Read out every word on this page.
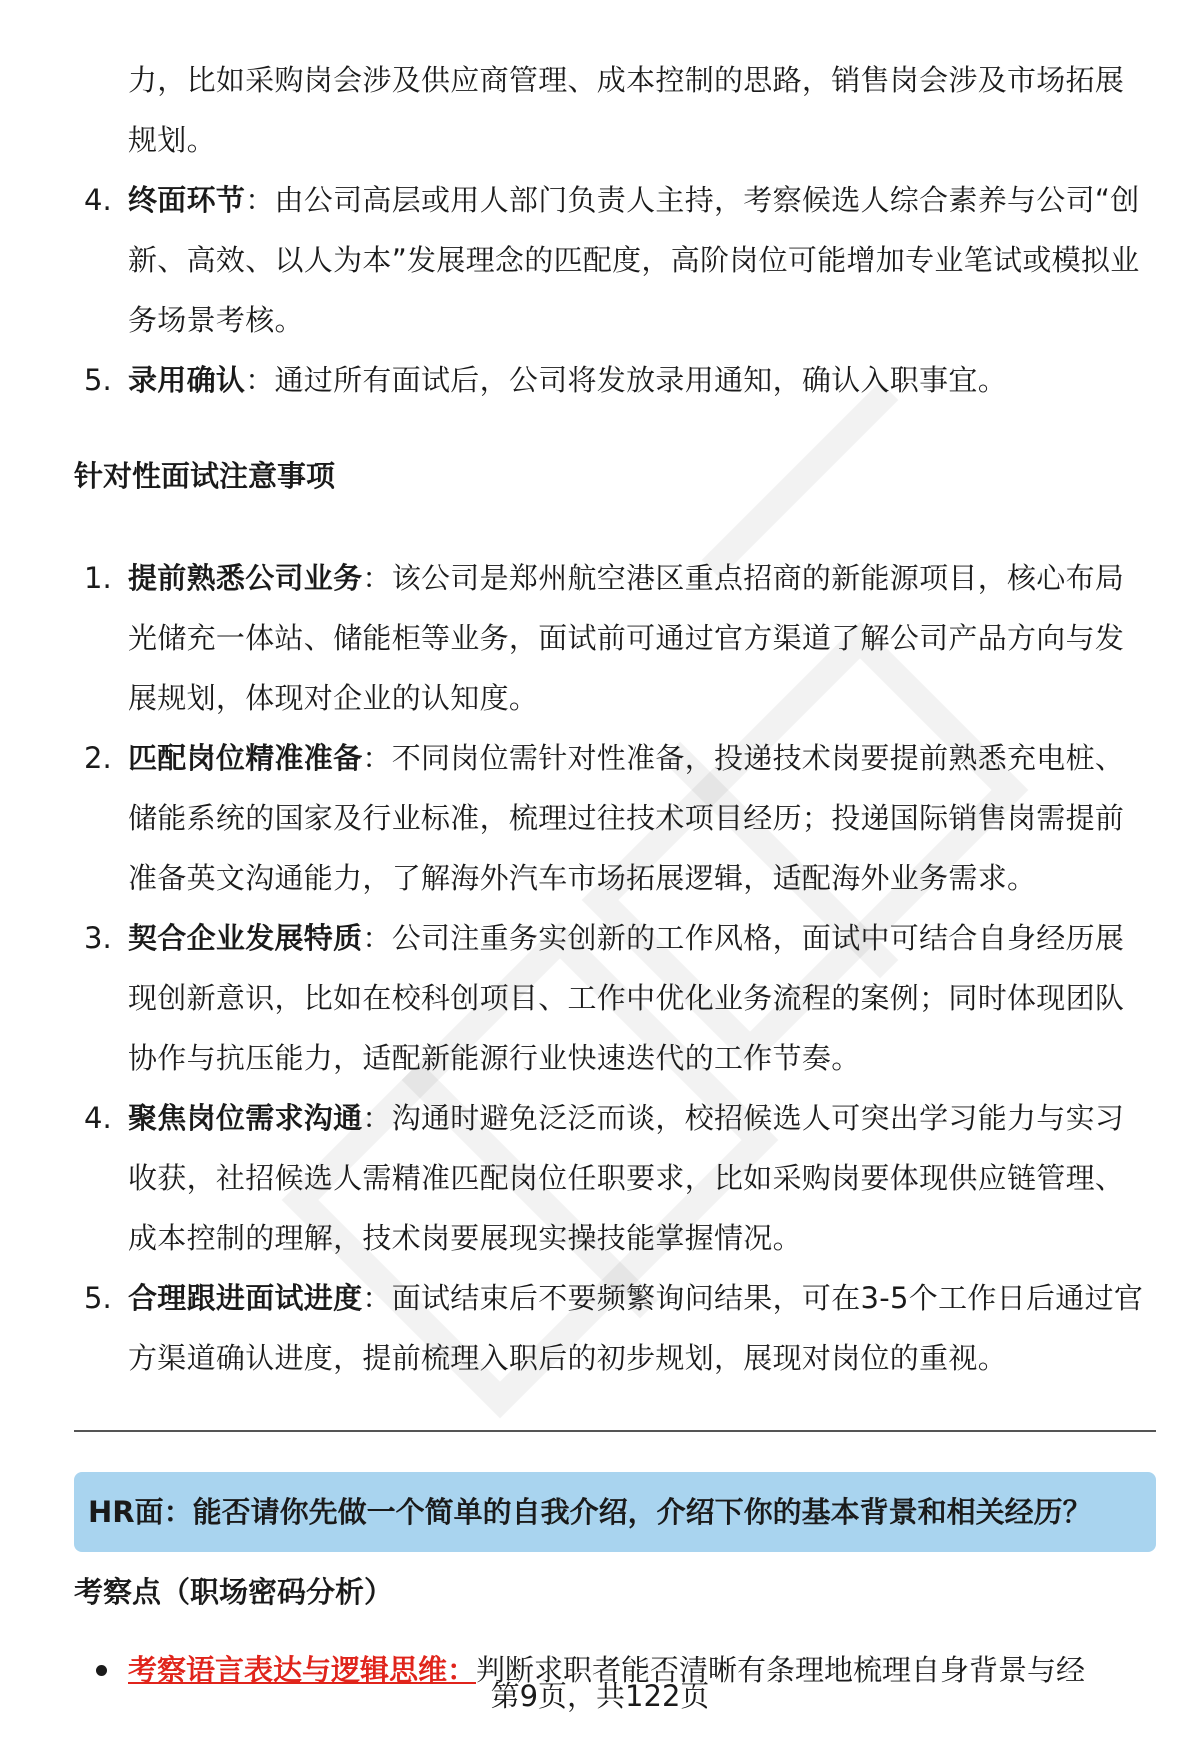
力，比如采购岗会涉及供应商管理、成本控制的思路，销售岗会涉及市场拓展
规划。
4. 终面环节：由公司高层或用人部门负责人主持，考察候选人综合素养与公司“创新、高效、以人为本”发展理念的匹配度，高阶岗位可能增加专业笔试或模拟业务场景考核。
5. 录用确认：通过所有面试后，公司将发放录用通知，确认入职事宜。
针对性面试注意事项
1. 提前熟悉公司业务：该公司是郑州航空港区重点招商的新能源项目，核心布局光储充一体站、储能柜等业务，面试前可通过官方渠道了解公司产品方向与发展规划，体现对企业的认知度。
2. 匹配岗位精准准备：不同岗位需针对性准备，投递技术岗要提前熟悉充电桩、储能系统的国家及行业标准，梳理过往技术项目经历；投递国际销售岗需提前准备英文沟通能力，了解海外汽车市场拓展逻辑，适配海外业务需求。
3. 契合企业发展特质：公司注重务实创新的工作风格，面试中可结合自身经历展现创新意识，比如在校科创项目、工作中优化业务流程的案例；同时体现团队协作与抗压能力，适配新能源行业快速迭代的工作节奏。
4. 聚焦岗位需求沟通：沟通时避免泛泛而谈，校招候选人可突出学习能力与实习收获，社招候选人需精准匹配岗位任职要求，比如采购岗要体现供应链管理、成本控制的理解，技术岗要展现实操技能掌握情况。
5. 合理跟进面试进度：面试结束后不要频繁询问结果，可在3-5个工作日后通过官方渠道确认进度，提前梳理入职后的初步规划，展现对岗位的重视。
HR面：能否请你先做一个简单的自我介绍，介绍下你的基本背景和相关经历？
考察点（职场密码分析）
考察语言表达与逻辑思维：判断求职者能否清晰有条理地梳理自身背景与经
第9页，共122页
